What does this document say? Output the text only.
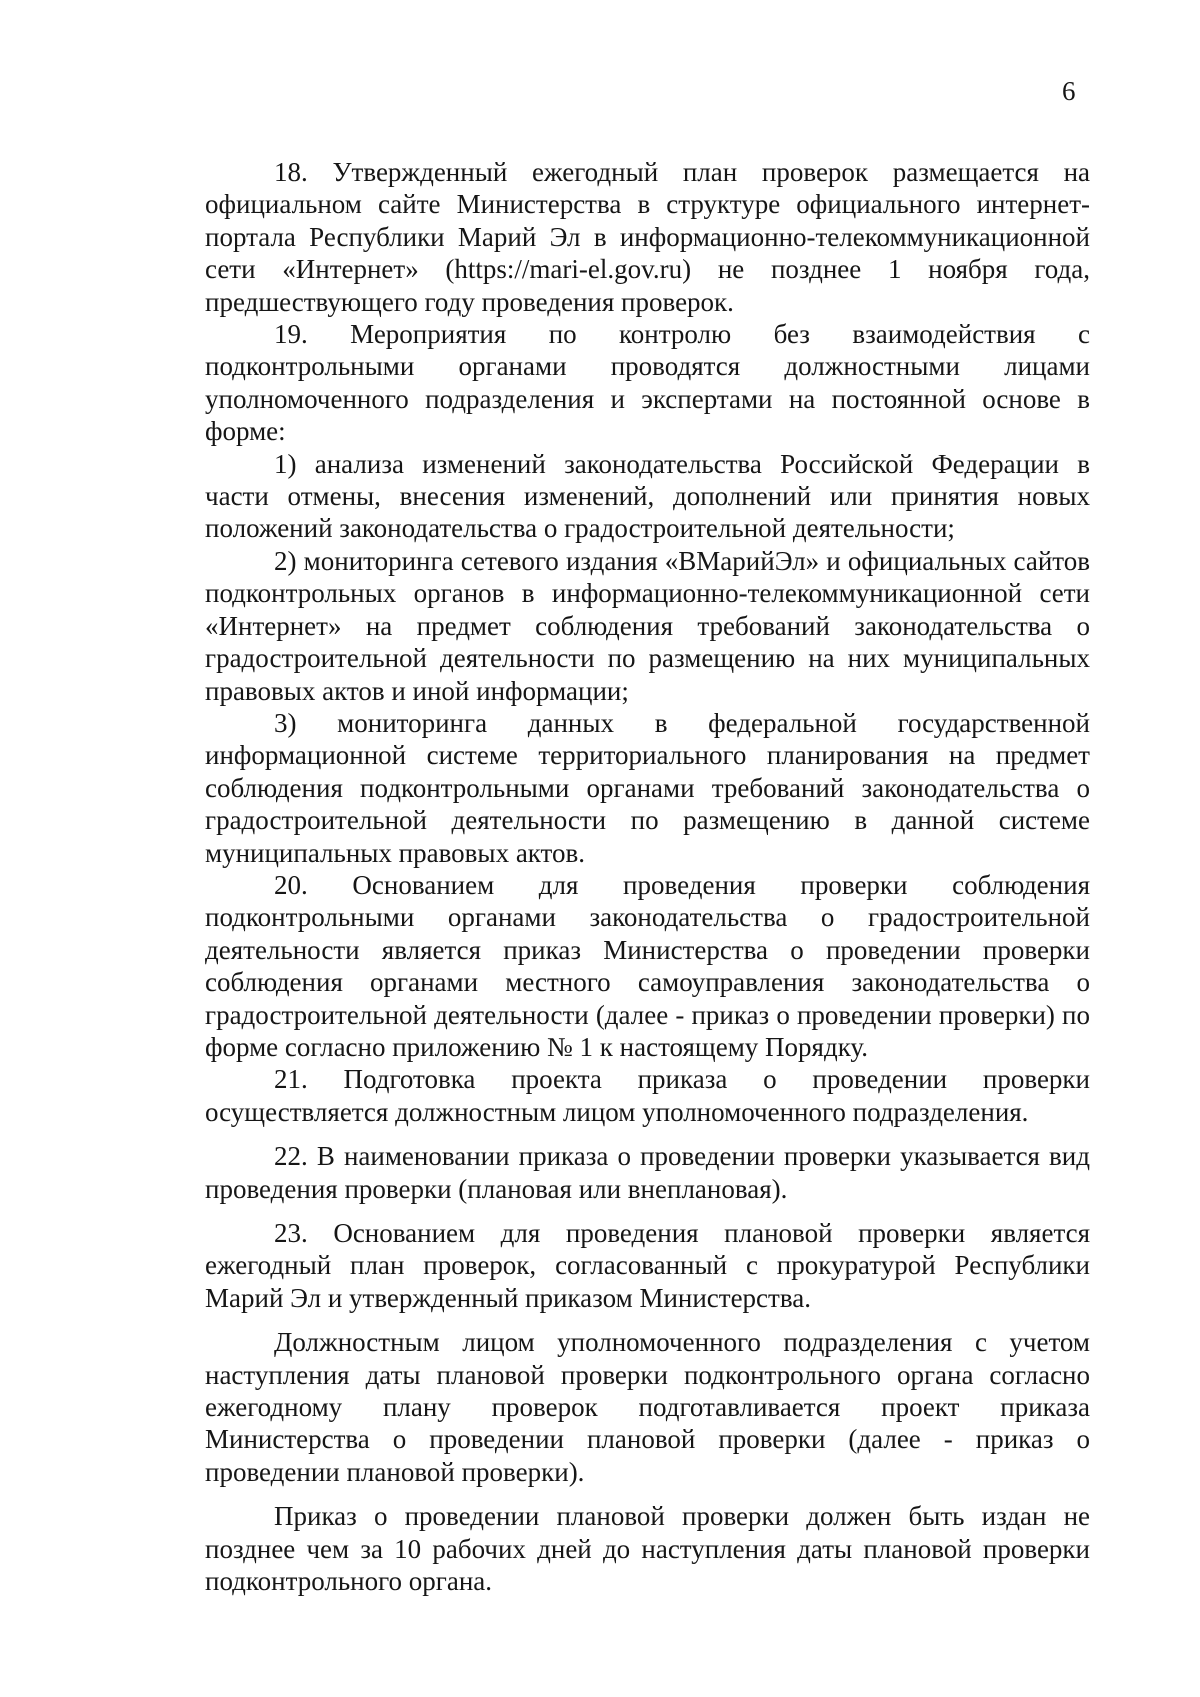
6

18. Утвержденный ежегодный план проверок размещается на официальном сайте Министерства в структуре официального интернет-портала Республики Марий Эл в информационно-телекоммуникационной сети «Интернет» (https://mari-el.gov.ru) не позднее 1 ноября года, предшествующего году проведения проверок.

19. Мероприятия по контролю без взаимодействия с подконтрольными органами проводятся должностными лицами уполномоченного подразделения и экспертами на постоянной основе в форме:

1) анализа изменений законодательства Российской Федерации в части отмены, внесения изменений, дополнений или принятия новых положений законодательства о градостроительной деятельности;

2) мониторинга сетевого издания «ВМарийЭл» и официальных сайтов подконтрольных органов в информационно-телекоммуникационной сети «Интернет» на предмет соблюдения требований законодательства о градостроительной деятельности по размещению на них муниципальных правовых актов и иной информации;

3) мониторинга данных в федеральной государственной информационной системе территориального планирования на предмет соблюдения подконтрольными органами требований законодательства о градостроительной деятельности по размещению в данной системе муниципальных правовых актов.

20. Основанием для проведения проверки соблюдения подконтрольными органами законодательства о градостроительной деятельности является приказ Министерства о проведении проверки соблюдения органами местного самоуправления законодательства о градостроительной деятельности (далее - приказ о проведении проверки) по форме согласно приложению № 1 к настоящему Порядку.

21. Подготовка проекта приказа о проведении проверки осуществляется должностным лицом уполномоченного подразделения.

22. В наименовании приказа о проведении проверки указывается вид проведения проверки (плановая или внеплановая).

23. Основанием для проведения плановой проверки является ежегодный план проверок, согласованный с прокуратурой Республики Марий Эл и утвержденный приказом Министерства.

Должностным лицом уполномоченного подразделения с учетом наступления даты плановой проверки подконтрольного органа согласно ежегодному плану проверок подготавливается проект приказа Министерства о проведении плановой проверки (далее - приказ о проведении плановой проверки).

Приказ о проведении плановой проверки должен быть издан не позднее чем за 10 рабочих дней до наступления даты плановой проверки подконтрольного органа.
